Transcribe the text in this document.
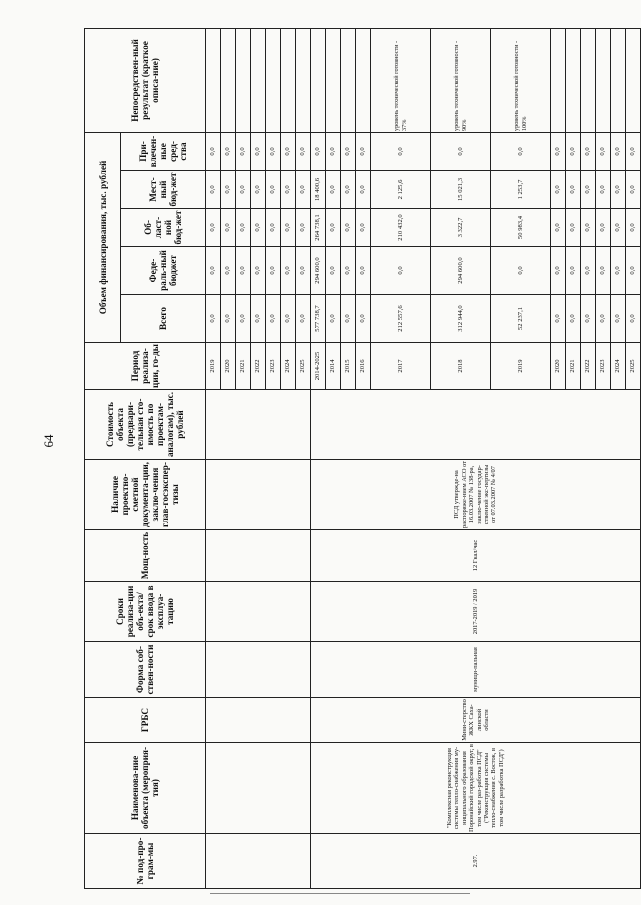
64
№ под-про-грам-мы	Наименова-ние объекта (мероприя-тия)	ГРБС	Форма соб-ствен-ности	Сроки реализа-ции объ-екта/срок ввода в эксплуа-тацию	Мощ-ность	Наличие проектно-сметной документа-ции, заклю-чения глав-госэкспер-тизы	Стоимость объекта (предвари-тельная сто-имость по проектам-аналогам), тыс. рублей	Период реализа-ции, го-ды	Объем финансирования, тыс. рублей					Непосредствен-ный результат (краткое описа-ние)
									Всего	Феде-раль-ный бюджет	Об-ласт-ной бюд-жет	Мест-ный бюд-жет	При-влечен-ные сред-ства	
								2019	0,0	0,0	0,0	0,0	0,0	
								2020	0,0	0,0	0,0	0,0	0,0	
								2021	0,0	0,0	0,0	0,0	0,0	
								2022	0,0	0,0	0,0	0,0	0,0	
								2023	0,0	0,0	0,0	0,0	0,0	
								2024	0,0	0,0	0,0	0,0	0,0	
								2025	0,0	0,0	0,0	0,0	0,0	
2.97.	"Комплексная реконструкция системы тепло-снабжения му-ниципального образования Поронайский городской округ, в том числе раз-работка ПСД" ("Реконструкция системы тепло-снабжения с. Восток, в том числе разработка ПСД")	Мини-стерство ЖКХ Саха-линской области	муници-пальная	2017-2019 / 2019	12 Гкал/час	ПСД утвержде-на распоряже-нием АСО от 16.03.2007 № 138-ра, заклю-чение государ-ственной экс-пертизы от 07.03.2007 № 4/07		2014-2025	577 738,7	294 600,0	264 738,1	18 400,6	0,0	
								2014	0,0	0,0	0,0	0,0	0,0	
								2015	0,0	0,0	0,0	0,0	0,0	
								2016	0,0	0,0	0,0	0,0	0,0	
								2017	212 557,6	0,0	210 432,0	2 125,6	0,0	уровень технической готовности - 37%
								2018	312 944,0	294 600,0	3 322,7	15 021,3	0,0	уровень технической готовности - 90%
								2019	52 237,1	0,0	50 983,4	1 253,7	0,0	уровень технической готовности - 100%
								2020	0,0	0,0	0,0	0,0	0,0	
								2021	0,0	0,0	0,0	0,0	0,0	
								2022	0,0	0,0	0,0	0,0	0,0	
								2023	0,0	0,0	0,0	0,0	0,0	
								2024	0,0	0,0	0,0	0,0	0,0	
								2025	0,0	0,0	0,0	0,0	0,0	
